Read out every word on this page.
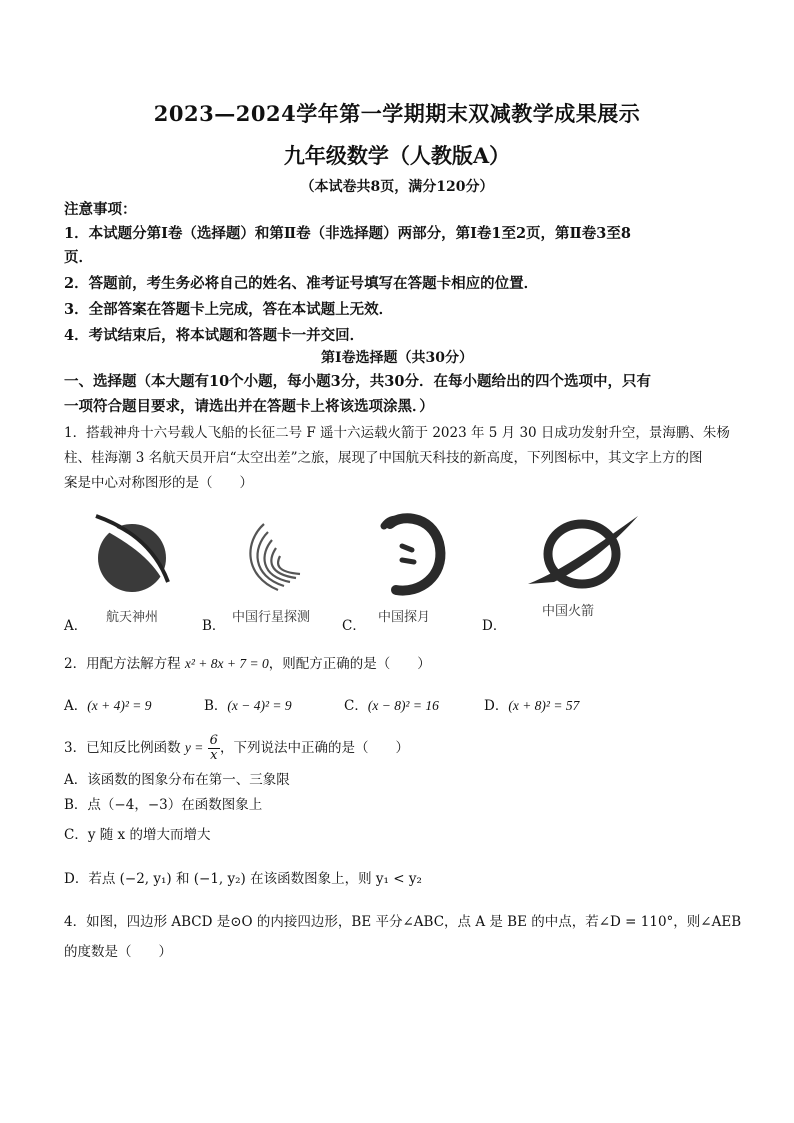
2023—2024学年第一学期期末双减教学成果展示
九年级数学（人教版A）
（本试卷共8页，满分120分）
注意事项：
1．本试题分第Ⅰ卷（选择题）和第Ⅱ卷（非选择题）两部分，第Ⅰ卷1至2页，第Ⅱ卷3至8
页．
2．答题前，考生务必将自己的姓名、准考证号填写在答题卡相应的位置．
3．全部答案在答题卡上完成，答在本试题上无效．
4．考试结束后，将本试题和答题卡一并交回．
第Ⅰ卷选择题（共30分）
一、选择题（本大题有10个小题，每小题3分，共30分．在每小题给出的四个选项中，只有
一项符合题目要求，请选出并在答题卡上将该选项涂黑．）
1．搭载神舟十六号载人飞船的长征二号 F 遥十六运载火箭于 2023 年 5 月 30 日成功发射升空，景海鹏、朱杨
柱、桂海潮 3 名航天员开启“太空出差”之旅，展现了中国航天科技的新高度，下列图标中，其文字上方的图
案是中心对称图形的是（　　）
航天神州
A．
中国行星探测
B．
中国探月
C．
中国火箭
D．
2．用配方法解方程 x² + 8x + 7 = 0，则配方正确的是（　　）
A．(x + 4)² = 9	B．(x − 4)² = 9	C．(x − 8)² = 16	D．(x + 8)² = 57
3．已知反比例函数 $y = \frac{6}{x}$ ，下列说法中正确的是（　　）
A．该函数的图象分布在第一、三象限
B．点（−4，−3）在函数图象上
C．y 随 x 的增大而增大
D．若点 (−2, y₁) 和 (−1, y₂) 在该函数图象上，则 y₁ < y₂
4．如图，四边形 ABCD 是⊙O 的内接四边形，BE 平分∠ABC，点 A 是 BE 的中点，若∠D = 110°，则∠AEB
的度数是（　　）
